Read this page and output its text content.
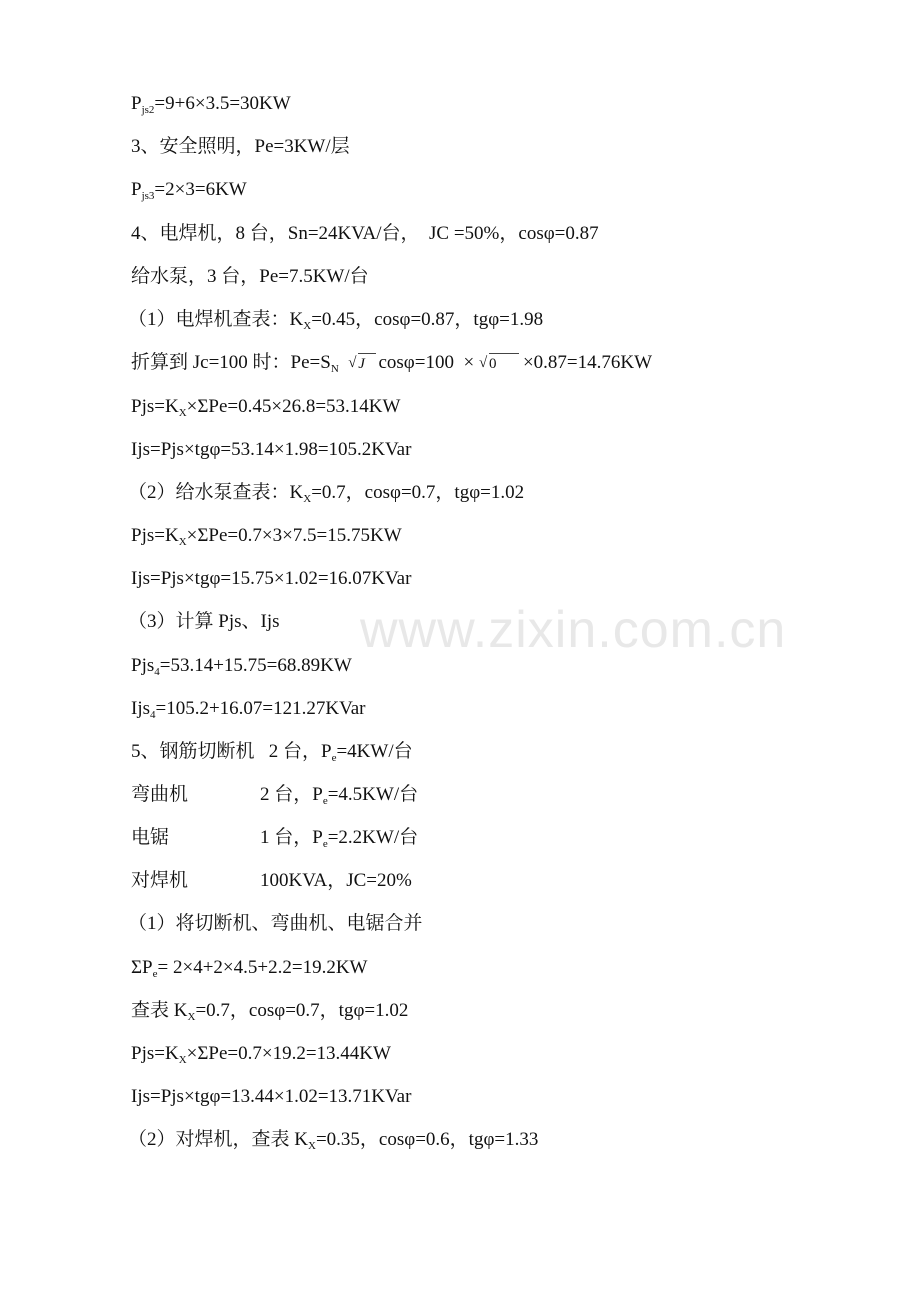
www.zixin.com.cn
$P_{js2}=9+6\times 3.5=30KW$
3、安全照明，Pe=3KW/层
$P_{js3}=2\times 3=6KW$
4、电焊机，8 台，Sn=24KVA/台，  JC =50%，cosφ=0.87
给水泵，3 台，Pe=7.5KW/台
（1）电焊机查表：$K_X=0.45$，cosφ=0.87，tgφ=1.98
折算到 Jc=100 时：$Pe=S_N$ √ J cosφ=100  × √ 0 ×0.87=14.76KW
$Pjs=K_X\times\Sigma Pe=0.45\times 26.8=53.14KW$
Ijs=Pjs×tgφ=53.14×1.98=105.2KVar
（2）给水泵查表：$K_X=0.7$，cosφ=0.7，tgφ=1.02
$Pjs=K_X\times\Sigma Pe=0.7\times 3\times 7.5=15.75KW$
Ijs=Pjs×tgφ=15.75×1.02=16.07KVar
（3）计算 Pjs、Ijs
Pjs$_4$=53.14+15.75=68.89KW
Ijs$_4$=105.2+16.07=121.27KVar
5、钢筋切断机   2 台，$P_e=4KW/$台
弯曲机	2 台，$P_e=4.5KW/$台
电锯	1 台，$P_e=2.2KW/$台
对焊机	100KVA，JC=20%
（1）将切断机、弯曲机、电锯合并
$\Sigma P_e= 2\times 4+2\times 4.5+2.2=19.2KW$
查表 $K_X=0.7$，cosφ=0.7，tgφ=1.02
$Pjs=K_X\times\Sigma Pe=0.7\times 19.2=13.44KW$
Ijs=Pjs×tgφ=13.44×1.02=13.71KVar
（2）对焊机，查表 $K_X=0.35$，cosφ=0.6，tgφ=1.33
